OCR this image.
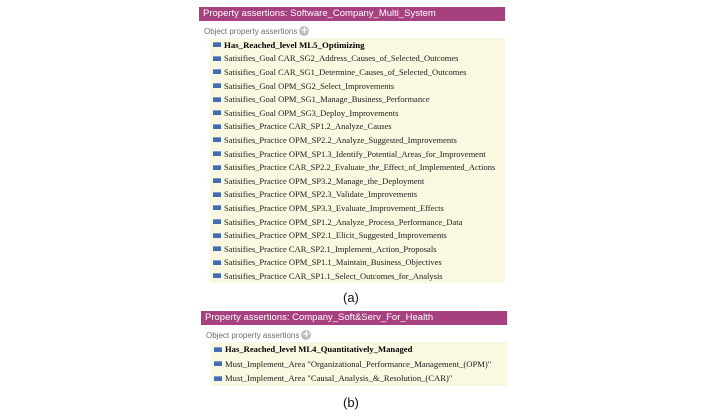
Property assertions: Software_Company_Multi_System
Object property assertions +
Has_Reached_level ML5_Optimizing
Satisifies_Goal CAR_SG2_Address_Causes_of_Selected_Outcomes
Satisifies_Goal CAR_SG1_Determine_Causes_of_Selected_Outcomes
Satisifies_Goal OPM_SG2_Select_Improvements
Satisifies_Goal OPM_SG1_Manage_Business_Performance
Satisifies_Goal OPM_SG3_Deploy_Improvements
Satisifies_Practice CAR_SP1.2_Analyze_Causes
Satisifies_Practice OPM_SP2.2_Analyze_Suggested_Improvements
Satisifies_Practice OPM_SP1.3_Identify_Potential_Areas_for_Improvement
Satisifies_Practice CAR_SP2.2_Evaluate_the_Effect_of_Implemented_Actions
Satisifies_Practice OPM_SP3.2_Manage_the_Deployment
Satisifies_Practice OPM_SP2.3_Validate_Improvements
Satisifies_Practice OPM_SP3.3_Evaluate_Improvement_Effects
Satisifies_Practice OPM_SP1.2_Analyze_Process_Performance_Data
Satisifies_Practice OPM_SP2.1_Elicit_Suggested_Improvements
Satisifies_Practice CAR_SP2.1_Implement_Action_Proposals
Satisifies_Practice OPM_SP1.1_Maintain_Business_Objectives
Satisifies_Practice CAR_SP1.1_Select_Outcomes_for_Analysis
(a)
Property assertions: Company_Soft&Serv_For_Health
Object property assertions +
Has_Reached_level ML4_Quantitatively_Managed
Must_Implement_Area "Organizational_Performance_Management_(OPM)"
Must_Implement_Area "Causal_Analysis_&_Resolution_(CAR)"
(b)
